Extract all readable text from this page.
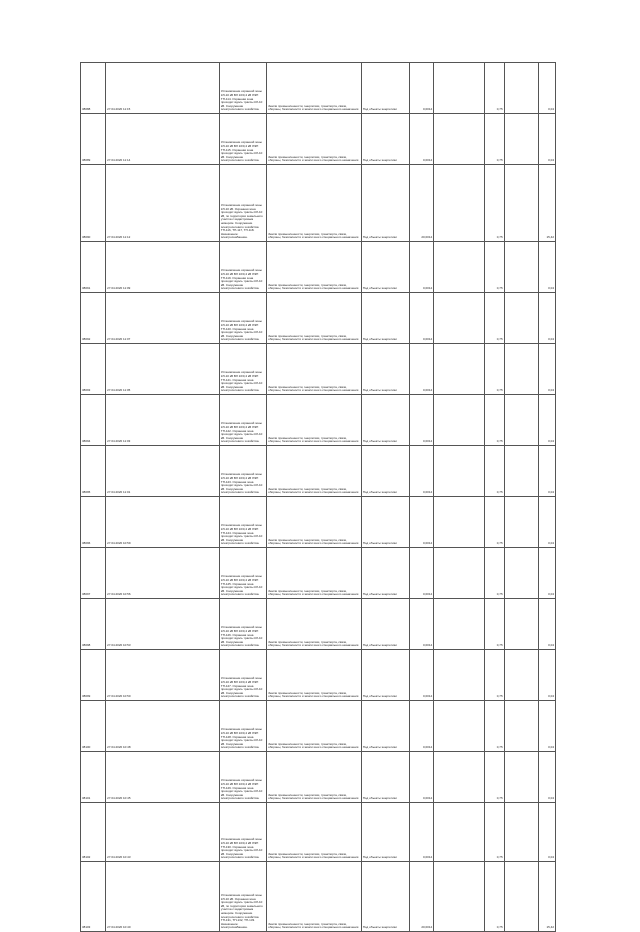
38088	27.04.2020 11:15	Установление охранной зоны КЛ-10 кВ ВЛ 10/0,4 кВ ЛЭП ТП-114. Охранная зона проходит вдоль трассы КЛ-10 кВ. Сооружение электросетевого хозяйства.	Земли промышленности, энергетики, транспорта, связи, обороны, безопасности и земли иного специального назначения	Под объекты энергетики	0,0014		0,75		0,04

38089	27.04.2020 11:14	Установление охранной зоны КЛ-10 кВ ВЛ 10/0,4 кВ ЛЭП ТП-115. Охранная зона проходит вдоль трассы КЛ-10 кВ. Сооружение электросетевого хозяйства.	Земли промышленности, энергетики, транспорта, связи, обороны, безопасности и земли иного специального назначения	Под объекты энергетики	0,0014		0,75		0,04

38090	27.04.2020 11:12	Установление охранной зоны КЛ-10 кВ. Охранная зона проходит вдоль трассы КЛ-10 кВ, по территории земельного участка с кадастровым номером. Сооружение электросетевого хозяйства ТП-116, ТП-117, ТП-118. Назначение: электроснабжение.	Земли промышленности, энергетики, транспорта, связи, обороны, безопасности и земли иного специального назначения	Под объекты энергетики	20,0014		0,75		15,42

38091	27.04.2020 11:09	Установление охранной зоны КЛ-10 кВ ВЛ 10/0,4 кВ ЛЭП ТП-119. Охранная зона проходит вдоль трассы КЛ-10 кВ. Сооружение электросетевого хозяйства.	Земли промышленности, энергетики, транспорта, связи, обороны, безопасности и земли иного специального назначения	Под объекты энергетики	0,0014		0,75		0,04

38092	27.04.2020 11:07	Установление охранной зоны КЛ-10 кВ ВЛ 10/0,4 кВ ЛЭП ТП-120. Охранная зона проходит вдоль трассы КЛ-10 кВ. Сооружение электросетевого хозяйства.	Земли промышленности, энергетики, транспорта, связи, обороны, безопасности и земли иного специального назначения	Под объекты энергетики	0,0014		0,75		0,04

38093	27.04.2020 11:05	Установление охранной зоны КЛ-10 кВ ВЛ 10/0,4 кВ ЛЭП ТП-121. Охранная зона проходит вдоль трассы КЛ-10 кВ. Сооружение электросетевого хозяйства.	Земли промышленности, энергетики, транспорта, связи, обороны, безопасности и земли иного специального назначения	Под объекты энергетики	0,0014		0,75		0,04

38094	27.04.2020 11:03	Установление охранной зоны КЛ-10 кВ ВЛ 10/0,4 кВ ЛЭП ТП-122. Охранная зона проходит вдоль трассы КЛ-10 кВ. Сооружение электросетевого хозяйства.	Земли промышленности, энергетики, транспорта, связи, обороны, безопасности и земли иного специального назначения	Под объекты энергетики	0,0014		0,75		0,04

38095	27.04.2020 11:01	Установление охранной зоны КЛ-10 кВ ВЛ 10/0,4 кВ ЛЭП ТП-123. Охранная зона проходит вдоль трассы КЛ-10 кВ. Сооружение электросетевого хозяйства.	Земли промышленности, энергетики, транспорта, связи, обороны, безопасности и земли иного специального назначения	Под объекты энергетики	0,0014		0,75		0,04

38096	27.04.2020 10:59	Установление охранной зоны КЛ-10 кВ ВЛ 10/0,4 кВ ЛЭП ТП-124. Охранная зона проходит вдоль трассы КЛ-10 кВ. Сооружение электросетевого хозяйства.	Земли промышленности, энергетики, транспорта, связи, обороны, безопасности и земли иного специального назначения	Под объекты энергетики	0,0014		0,75		0,04

38097	27.04.2020 10:56	Установление охранной зоны КЛ-10 кВ ВЛ 10/0,4 кВ ЛЭП ТП-125. Охранная зона проходит вдоль трассы КЛ-10 кВ. Сооружение электросетевого хозяйства.	Земли промышленности, энергетики, транспорта, связи, обороны, безопасности и земли иного специального назначения	Под объекты энергетики	0,0014		0,75		0,04

38098	27.04.2020 10:53	Установление охранной зоны КЛ-10 кВ ВЛ 10/0,4 кВ ЛЭП ТП-126. Охранная зона проходит вдоль трассы КЛ-10 кВ. Сооружение электросетевого хозяйства.	Земли промышленности, энергетики, транспорта, связи, обороны, безопасности и земли иного специального назначения	Под объекты энергетики	0,0014		0,75		0,04

38099	27.04.2020 10:50	Установление охранной зоны КЛ-10 кВ ВЛ 10/0,4 кВ ЛЭП ТП-127. Охранная зона проходит вдоль трассы КЛ-10 кВ. Сооружение электросетевого хозяйства.	Земли промышленности, энергетики, транспорта, связи, обороны, безопасности и земли иного специального назначения	Под объекты энергетики	0,0014		0,75		0,04

38100	27.04.2020 10:48	Установление охранной зоны КЛ-10 кВ ВЛ 10/0,4 кВ ЛЭП ТП-128. Охранная зона проходит вдоль трассы КЛ-10 кВ. Сооружение электросетевого хозяйства.	Земли промышленности, энергетики, транспорта, связи, обороны, безопасности и земли иного специального назначения	Под объекты энергетики	0,0014		0,75		0,04

38101	27.04.2020 10:45	Установление охранной зоны КЛ-10 кВ ВЛ 10/0,4 кВ ЛЭП ТП-129. Охранная зона проходит вдоль трассы КЛ-10 кВ. Сооружение электросетевого хозяйства.	Земли промышленности, энергетики, транспорта, связи, обороны, безопасности и земли иного специального назначения	Под объекты энергетики	0,0014		0,75		0,04

38102	27.04.2020 10:43	Установление охранной зоны КЛ-10 кВ ВЛ 10/0,4 кВ ЛЭП ТП-130. Охранная зона проходит вдоль трассы КЛ-10 кВ. Сооружение электросетевого хозяйства.	Земли промышленности, энергетики, транспорта, связи, обороны, безопасности и земли иного специального назначения	Под объекты энергетики	0,0014		0,75		0,04

38103	27.04.2020 10:40	Установление охранной зоны КЛ-10 кВ. Охранная зона проходит вдоль трассы КЛ-10 кВ, по территории земельного участка с кадастровым номером. Сооружение электросетевого хозяйства ТП-131, ТП-132, ТП-133. Назначение: электроснабжение.	Земли промышленности, энергетики, транспорта, связи, обороны, безопасности и земли иного специального назначения	Под объекты энергетики	20,0014		0,75		15,42
